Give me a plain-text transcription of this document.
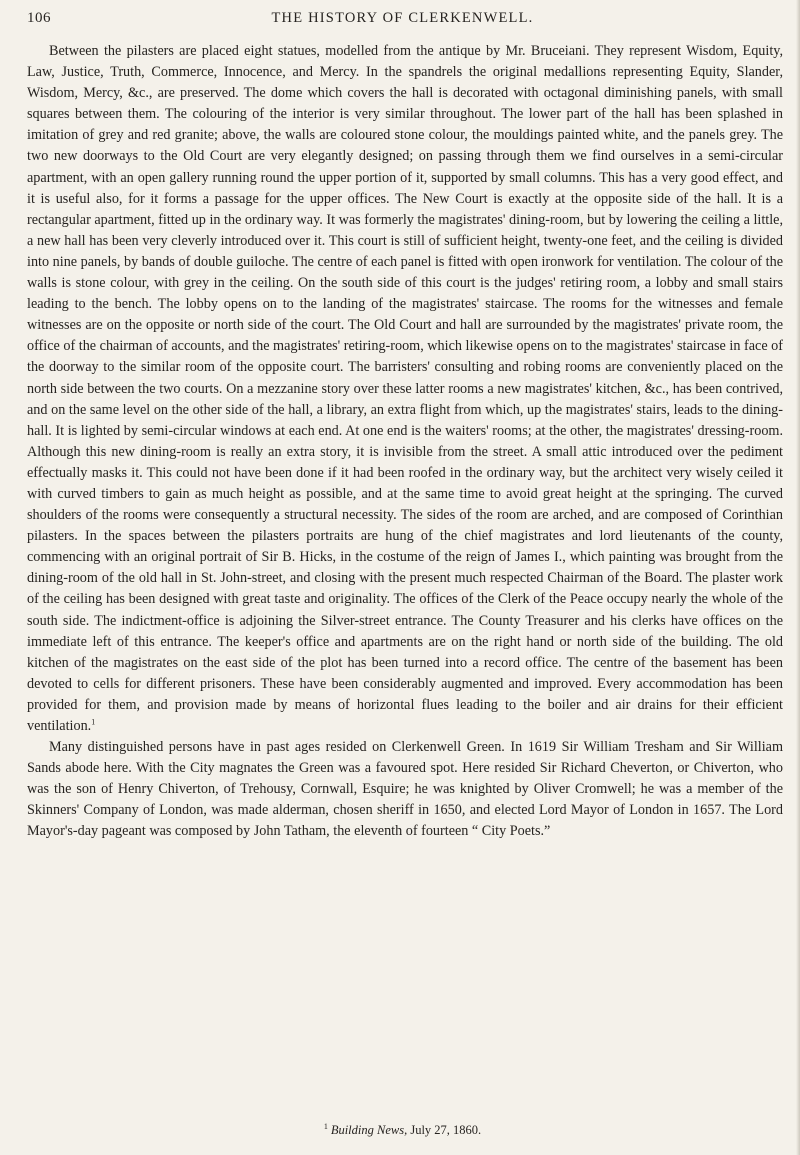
106	THE HISTORY OF CLERKENWELL.

Between the pilasters are placed eight statues, modelled from the antique by Mr. Bruceiani. They represent Wisdom, Equity, Law, Justice, Truth, Commerce, Innocence, and Mercy. In the spandrels the original medallions representing Equity, Slander, Wisdom, Mercy, &c., are preserved. The dome which covers the hall is decorated with octagonal diminishing panels, with small squares between them. The colouring of the interior is very similar throughout. The lower part of the hall has been splashed in imitation of grey and red granite; above, the walls are coloured stone colour, the mouldings painted white, and the panels grey. The two new doorways to the Old Court are very elegantly designed; on passing through them we find ourselves in a semi-circular apartment, with an open gallery running round the upper portion of it, supported by small columns. This has a very good effect, and it is useful also, for it forms a passage for the upper offices. The New Court is exactly at the opposite side of the hall. It is a rectangular apartment, fitted up in the ordinary way. It was formerly the magistrates' dining-room, but by lowering the ceiling a little, a new hall has been very cleverly introduced over it. This court is still of sufficient height, twenty-one feet, and the ceiling is divided into nine panels, by bands of double guiloche. The centre of each panel is fitted with open ironwork for ventilation. The colour of the walls is stone colour, with grey in the ceiling. On the south side of this court is the judges' retiring room, a lobby and small stairs leading to the bench. The lobby opens on to the landing of the magistrates' staircase. The rooms for the witnesses and female witnesses are on the opposite or north side of the court. The Old Court and hall are surrounded by the magistrates' private room, the office of the chairman of accounts, and the magistrates' retiring-room, which likewise opens on to the magistrates' staircase in face of the doorway to the similar room of the opposite court. The barristers' consulting and robing rooms are conveniently placed on the north side between the two courts. On a mezzanine story over these latter rooms a new magistrates' kitchen, &c., has been contrived, and on the same level on the other side of the hall, a library, an extra flight from which, up the magistrates' stairs, leads to the dining-hall. It is lighted by semi-circular windows at each end. At one end is the waiters' rooms; at the other, the magistrates' dressing-room. Although this new dining-room is really an extra story, it is invisible from the street. A small attic introduced over the pediment effectually masks it. This could not have been done if it had been roofed in the ordinary way, but the architect very wisely ceiled it with curved timbers to gain as much height as possible, and at the same time to avoid great height at the springing. The curved shoulders of the rooms were consequently a structural necessity. The sides of the room are arched, and are composed of Corinthian pilasters. In the spaces between the pilasters portraits are hung of the chief magistrates and lord lieutenants of the county, commencing with an original portrait of Sir B. Hicks, in the costume of the reign of James I., which painting was brought from the dining-room of the old hall in St. John-street, and closing with the present much respected Chairman of the Board. The plaster work of the ceiling has been designed with great taste and originality. The offices of the Clerk of the Peace occupy nearly the whole of the south side. The indictment-office is adjoining the Silver-street entrance. The County Treasurer and his clerks have offices on the immediate left of this entrance. The keeper's office and apartments are on the right hand or north side of the building. The old kitchen of the magistrates on the east side of the plot has been turned into a record office. The centre of the basement has been devoted to cells for different prisoners. These have been considerably augmented and improved. Every accommodation has been provided for them, and provision made by means of horizontal flues leading to the boiler and air drains for their efficient ventilation.$^1$

Many distinguished persons have in past ages resided on Clerkenwell Green. In 1619 Sir William Tresham and Sir William Sands abode here. With the City magnates the Green was a favoured spot. Here resided Sir Richard Cheverton, or Chiverton, who was the son of Henry Chiverton, of Trehousy, Cornwall, Esquire; he was knighted by Oliver Cromwell; he was a member of the Skinners' Company of London, was made alderman, chosen sheriff in 1650, and elected Lord Mayor of London in 1657. The Lord Mayor's-day pageant was composed by John Tatham, the eleventh of fourteen “ City Poets.”

$^1$ Building News, July 27, 1860.
